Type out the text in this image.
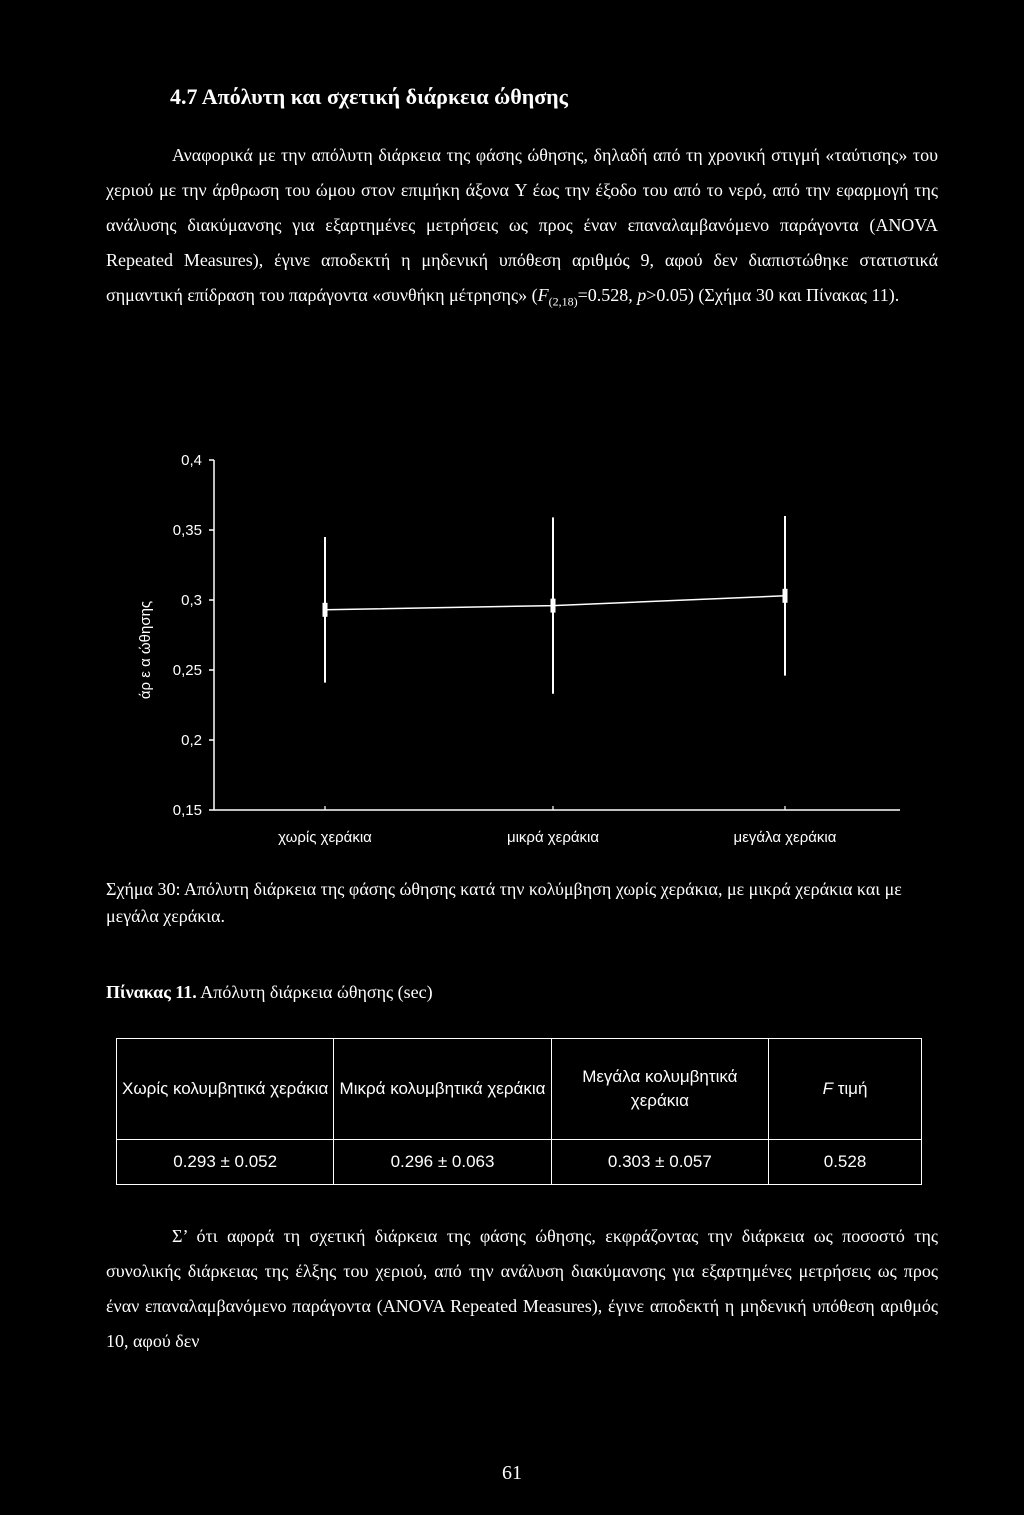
4.7 Απόλυτη και σχετική διάρκεια ώθησης

Αναφορικά με την απόλυτη διάρκεια της φάσης ώθησης, δηλαδή από τη χρονική στιγμή «ταύτισης» του χεριού με την άρθρωση του ώμου στον επιμήκη άξονα Y έως την έξοδο του από το νερό, από την εφαρμογή της ανάλυσης διακύμανσης για εξαρτημένες μετρήσεις ως προς έναν επαναλαμβανόμενο παράγοντα (ANOVA Repeated Measures), έγινε αποδεκτή η μηδενική υπόθεση αριθμός 9, αφού δεν διαπιστώθηκε στατιστικά σημαντική επίδραση του παράγοντα «συνθήκη μέτρησης» ($F_{(2,18)}=0.528$, p>0.05) (Σχήμα 30 και Πίνακας 11).

0,15
0,2
0,25
0,3
0,35
0,4
χωρίς χεράκια	μικρά χεράκια	μεγάλα χεράκια
άρ ε α ώθησης
Σχήμα 30: Απόλυτη διάρκεια της φάσης ώθησης κατά την κολύμβηση χωρίς χεράκια, με μικρά χεράκια και με μεγάλα χεράκια.
Πίνακας 11. Απόλυτη διάρκεια ώθησης (sec)
Χωρίς κολυμβητικά χεράκια	Μικρά κολυμβητικά χεράκια	Μεγάλα κολυμβητικά χεράκια	F τιμή
0.293 ± 0.052	0.296 ± 0.063	0.303 ± 0.057	0.528

Σ’ ότι αφορά τη σχετική διάρκεια της φάσης ώθησης, εκφράζοντας την διάρκεια ως ποσοστό της συνολικής διάρκειας της έλξης του χεριού, από την ανάλυση διακύμανσης για εξαρτημένες μετρήσεις ως προς έναν επαναλαμβανόμενο παράγοντα (ANOVA Repeated Measures), έγινε αποδεκτή η μηδενική υπόθεση αριθμός 10, αφού δεν

61
